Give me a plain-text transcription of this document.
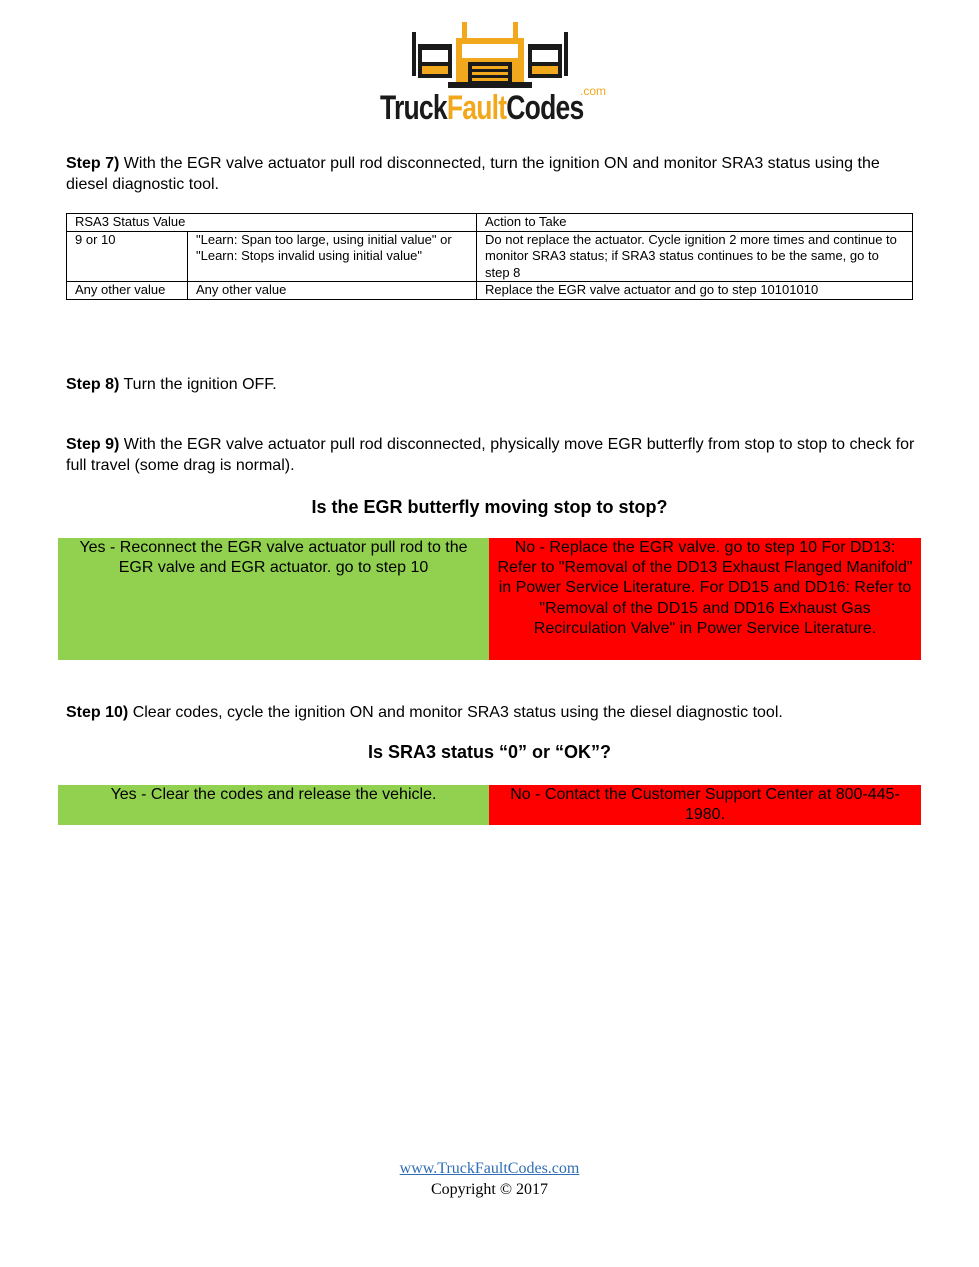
TruckFaultCodes
.com
Step 7) With the EGR valve actuator pull rod disconnected, turn the ignition ON and monitor SRA3 status using the diesel diagnostic tool.
RSA3 Status Value		Action to Take
9 or 10	"Learn: Span too large, using initial value" or "Learn: Stops invalid using initial value"	Do not replace the actuator. Cycle ignition 2 more times and continue to
monitor SRA3 status; if SRA3 status continues to be the same, go to
step 8

Any other value	Any other value	Replace the EGR valve actuator and go to step 10101010
Step 8) Turn the ignition OFF.
Step 9) With the EGR valve actuator pull rod disconnected, physically move EGR butterfly from stop to stop to check for full travel (some drag is normal).
Is the EGR butterfly moving stop to stop?
Yes - Reconnect the EGR valve actuator pull rod to the EGR valve and EGR actuator. go to step 10
No - Replace the EGR valve. go to step 10 For DD13: Refer to "Removal of the DD13 Exhaust Flanged Manifold" in Power Service Literature. For DD15 and DD16: Refer to "Removal of the DD15 and DD16 Exhaust Gas Recirculation Valve" in Power Service Literature.
Step 10) Clear codes, cycle the ignition ON and monitor SRA3 status using the diesel diagnostic tool.
Is SRA3 status “0” or “OK”?
Yes - Clear the codes and release the vehicle.	No - Contact the Customer Support Center at 800-445-1980.
www.TruckFaultCodes.com
Copyright © 2017
